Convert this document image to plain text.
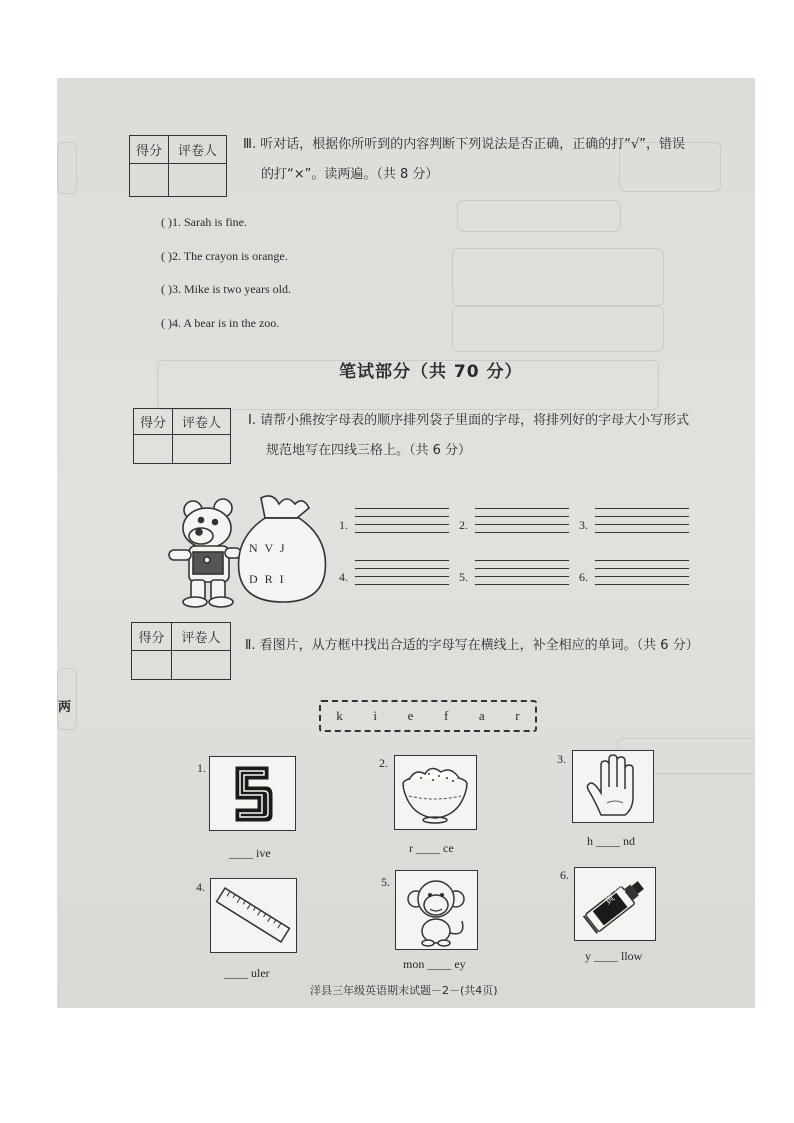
得分	评卷人
	Ⅲ. 听对话，根据你所听到的内容判断下列说法是否正确，正确的打“√”，错误
的打“×”。读两遍。（共 8 分）
( )1. Sarah is fine.
( )2. The crayon is orange.
( )3. Mike is two years old.
( )4. A bear is in the zoo.
笔试部分（共 70 分）
得分	评卷人
	Ⅰ. 请帮小熊按字母表的顺序排列袋子里面的字母，将排列好的字母大小写形式
规范地写在四线三格上。（共 6 分）
N V J
D R I
1.	2.	3.
4.	5.	6.
得分	评卷人
	Ⅱ. 看图片，从方框中找出合适的字母写在横线上，补全相应的单词。（共 6 分）
k i e f a r
1.
____ ive
2.
r ____ ce
3.
h ____ nd
4.
____ uler
5.
mon ____ ey
6.
黄 色
y ____ llow
洋县三年级英语期末试题－2－(共4页)
两
